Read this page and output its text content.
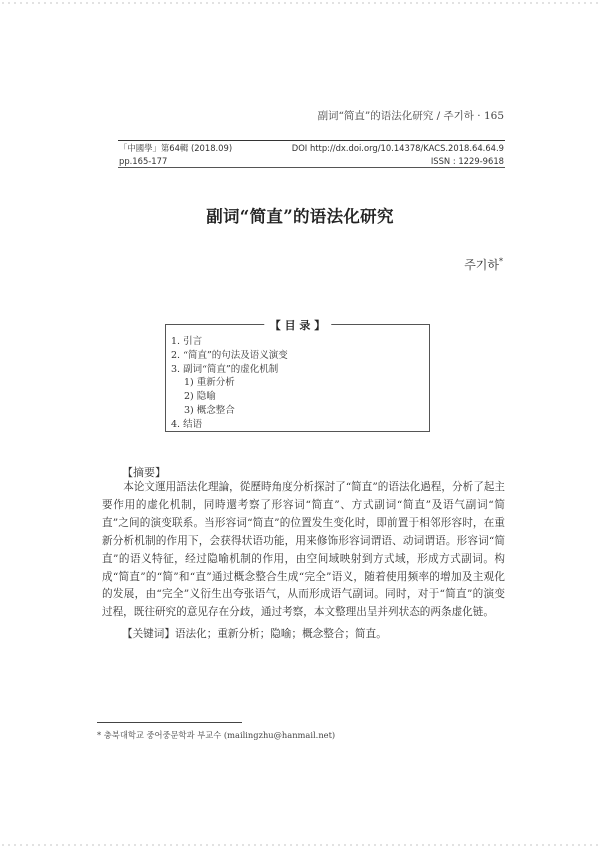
副词“简直”的语法化研究 / 주기하 · 165
「中國學」第64輯 (2018.09)	DOI http://dx.doi.org/10.14378/KACS.2018.64.64.9
pp.165-177	ISSN : 1229-9618
副词“简直”的语法化研究
주기하*
【 目 录 】
1. 引言
2. “简直”的句法及语义演变
3. 副词“简直”的虚化机制
1) 重新分析
2) 隐喻
3) 概念整合
4. 结语
【摘要】
本论文運用語法化理論，從歷時角度分析探討了“简直”的语法化過程，分析了起主要作用的虚化机制，同時還考察了形容词“简直”、方式副词“简直”及语气副词“简直”之间的演变联系。当形容词“简直”的位置发生变化时，即前置于相邻形容时，在重新分析机制的作用下，会获得状语功能，用来修饰形容词谓语、动词谓语。形容词“简直”的语义特征，经过隐喻机制的作用，由空间域映射到方式域，形成方式副词。构成“简直”的“简”和“直”通过概念整合生成“完全”语义，随着使用频率的增加及主观化的发展，由“完全”义衍生出夸张语气，从而形成语气副词。同时，对于“简直”的演变过程，既往研究的意见存在分歧，通过考察，本文整理出呈并列状态的两条虚化链。
【关键词】语法化；重新分析；隐喻；概念整合；简直。
* 충북대학교 중어중문학과 부교수 (mailingzhu@hanmail.net)
